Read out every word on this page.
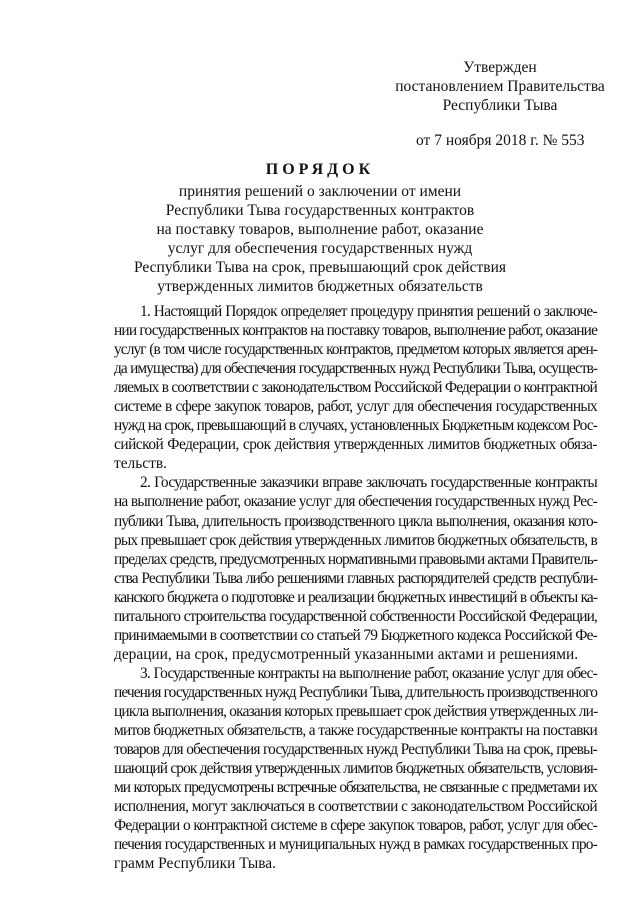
Утвержден
постановлением Правительства
Республики Тыва
от 7 ноября 2018 г. № 553
ПОРЯДОК
принятия решений о заключении от имени
Республики Тыва государственных контрактов
на поставку товаров, выполнение работ, оказание
услуг для обеспечения государственных нужд
Республики Тыва на срок, превышающий срок действия
утвержденных лимитов бюджетных обязательств

1. Настоящий Порядок определяет процедуру принятия решений о заключе-
нии государственных контрактов на поставку товаров, выполнение работ, оказание
услуг (в том числе государственных контрактов, предметом которых является арен-
да имущества) для обеспечения государственных нужд Республики Тыва, осуществ-
ляемых в соответствии с законодательством Российской Федерации о контрактной
системе в сфере закупок товаров, работ, услуг для обеспечения государственных
нужд на срок, превышающий в случаях, установленных Бюджетным кодексом Рос-
сийской Федерации, срок действия утвержденных лимитов бюджетных обяза-
тельств.

2. Государственные заказчики вправе заключать государственные контракты
на выполнение работ, оказание услуг для обеспечения государственных нужд Рес-
публики Тыва, длительность производственного цикла выполнения, оказания кото-
рых превышает срок действия утвержденных лимитов бюджетных обязательств, в
пределах средств, предусмотренных нормативными правовыми актами Правитель-
ства Республики Тыва либо решениями главных распорядителей средств республи-
канского бюджета о подготовке и реализации бюджетных инвестиций в объекты ка-
питального строительства государственной собственности Российской Федерации,
принимаемыми в соответствии со статьей 79 Бюджетного кодекса Российской Фе-
дерации, на срок, предусмотренный указанными актами и решениями.

3. Государственные контракты на выполнение работ, оказание услуг для обес-
печения государственных нужд Республики Тыва, длительность производственного
цикла выполнения, оказания которых превышает срок действия утвержденных ли-
митов бюджетных обязательств, а также государственные контракты на поставки
товаров для обеспечения государственных нужд Республики Тыва на срок, превы-
шающий срок действия утвержденных лимитов бюджетных обязательств, условия-
ми которых предусмотрены встречные обязательства, не связанные с предметами их
исполнения, могут заключаться в соответствии с законодательством Российской
Федерации о контрактной системе в сфере закупок товаров, работ, услуг для обес-
печения государственных и муниципальных нужд в рамках государственных про-
грамм Республики Тыва.
